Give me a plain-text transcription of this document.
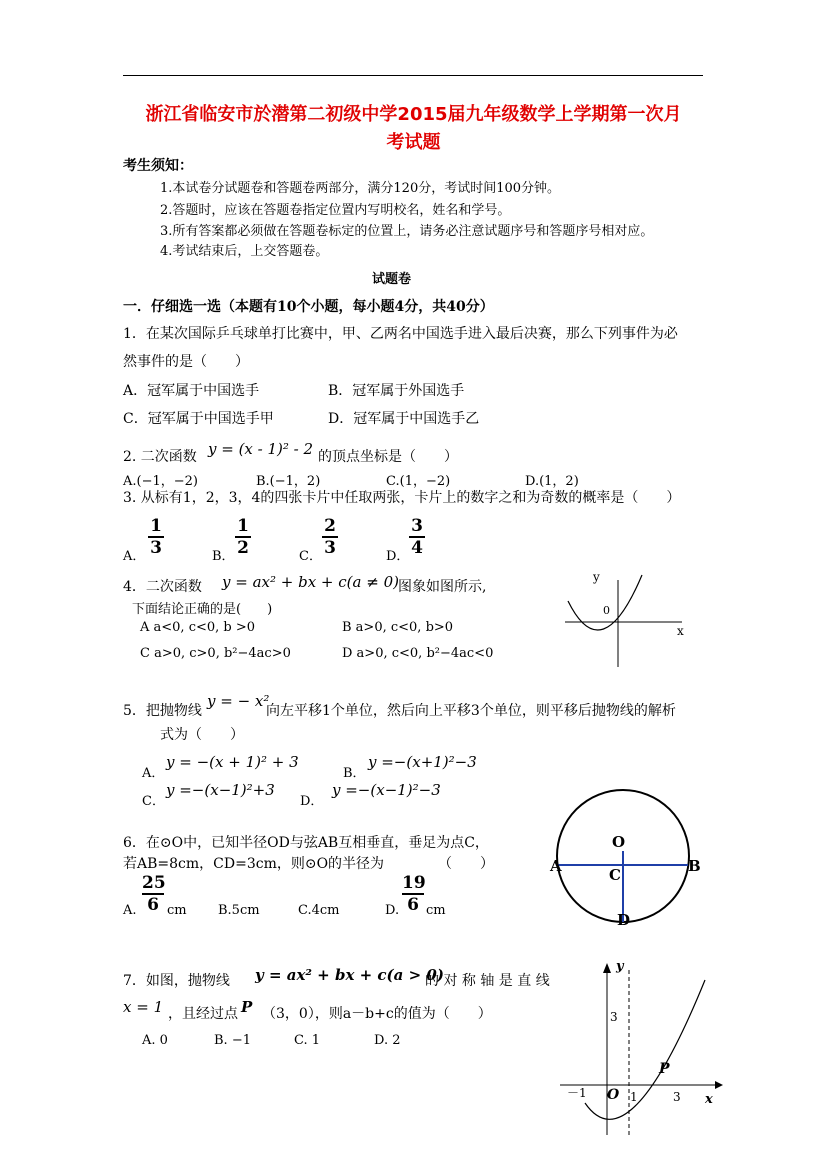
浙江省临安市於潜第二初级中学2015届九年级数学上学期第一次月
考试题
考生须知：
1.本试卷分试题卷和答题卷两部分，满分120分，考试时间100分钟。
2.答题时，应该在答题卷指定位置内写明校名，姓名和学号。
3.所有答案都必须做在答题卷标定的位置上，请务必注意试题序号和答题序号相对应。
4.考试结束后，上交答题卷。
试题卷
一．仔细选一选（本题有10个小题，每小题4分，共40分）
1．在某次国际乒乓球单打比赛中，甲、乙两名中国选手进入最后决赛，那么下列事件为必
然事件的是（　　）
A．冠军属于中国选手	B．冠军属于外国选手
C．冠军属于中国选手甲	D．冠军属于中国选手乙
2. 二次函数 y = (x - 1)² - 2 的顶点坐标是（　　）
A.(−1，−2)	B.(−1，2)	C.(1，−2)	D.(1，2)
3. 从标有1，2，3，4的四张卡片中任取两张，卡片上的数字之和为奇数的概率是（　　）
A．
1
3	B．
1
2	C．
2
3	D．
3
4
4．二次函数 y = ax² + bx + c(a ≠ 0) 图象如图所示,
下面结论正确的是(　　)
A a<0, c<0, b >0	B a>0, c<0, b>0
C a>0, c>0, b²−4ac>0	D a>0, c<0, b²−4ac<0
y
0
x
5．把抛物线
y = − x²
向左平移1个单位，然后向上平移3个单位，则平移后抛物线的解析
式为（　　）
A．
y = −(x + 1)² + 3
B．
y =−(x+1)²−3
C．
y =−(x−1)²+3
D．
y =−(x−1)²−3
6．在⊙O中，已知半径OD与弦AB互相垂直，垂足为点C，
若AB=8cm，CD=3cm，则⊙O的半径为	（　　）
A.
25
6 cm B.5cm	C.4cm	D.
19
6 cm
O
A	B
C
D
7．如图，抛物线 y = ax² + bx + c(a > 0)
的 对 称 轴 是 直 线
x = 1 ，且经过点 P （3，0），则a－b+c的值为（　　）
A. 0	B. −1	C. 1	D. 2
y
3
P
－1 O 1	3 x
